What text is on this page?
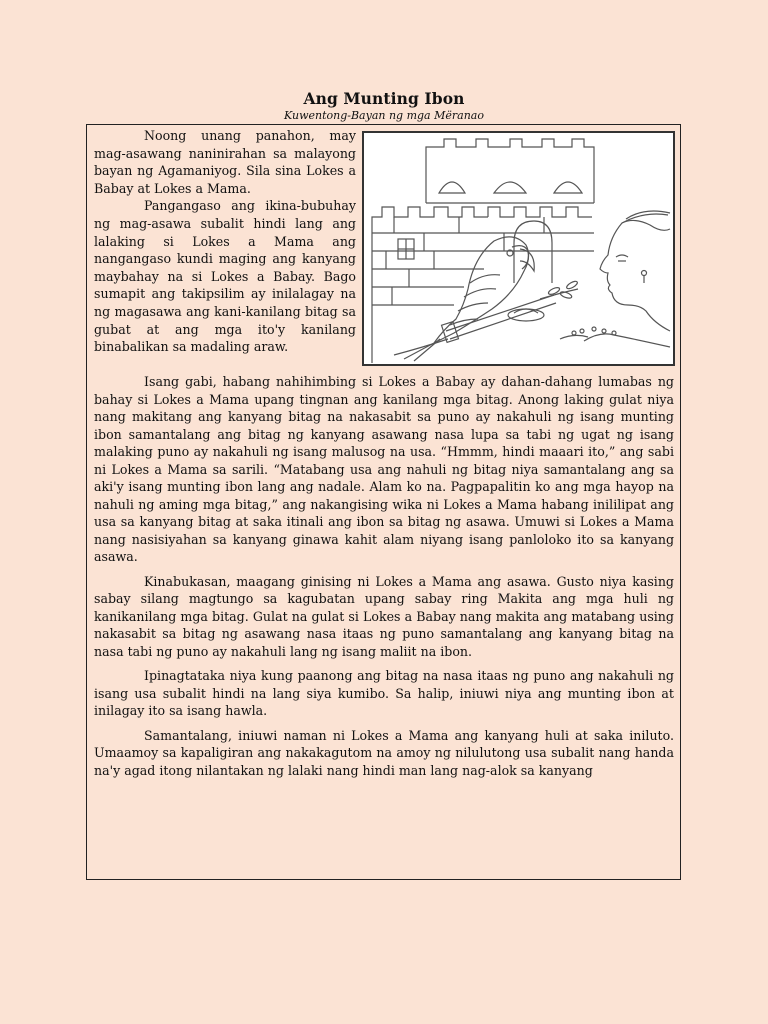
Ang Munting Ibon
Kuwentong-Bayan ng mga Mëranao

Noong unang panahon, may mag-asawang naninirahan sa malayong bayan ng Agamaniyog. Sila sina Lokes a Babay at Lokes a Mama.

Pangangaso ang ikina-bubuhay ng mag-asawa subalit hindi lang ang lalaking si Lokes a Mama ang nangangaso kundi maging ang kanyang maybahay na si Lokes a Babay. Bago sumapit ang takipsilim ay inilalagay na ng magasawa ang kani-kanilang bitag sa gubat at ang mga ito'y kanilang binabalikan sa madaling araw.

Isang gabi, habang nahihimbing si Lokes a Babay ay dahan-dahang lumabas ng bahay si Lokes a Mama upang tingnan ang kanilang mga bitag. Anong laking gulat niya nang makitang ang kanyang bitag na nakasabit sa puno ay nakahuli ng isang munting ibon samantalang ang bitag ng kanyang asawang nasa lupa sa tabi ng ugat ng isang malaking puno ay nakahuli ng isang malusog na usa. “Hmmm, hindi maaari ito,” ang sabi ni Lokes a Mama sa sarili. “Matabang usa ang nahuli ng bitag niya samantalang ang sa aki'y isang munting ibon lang ang nadale. Alam ko na. Pagpapalitin ko ang mga hayop na nahuli ng aming mga bitag,” ang nakangising wika ni Lokes a Mama habang inililipat ang usa sa kanyang bitag at saka itinali ang ibon sa bitag ng asawa. Umuwi si Lokes a Mama nang nasisiyahan sa kanyang ginawa kahit alam niyang isang panloloko ito sa kanyang asawa.

Kinabukasan, maagang ginising ni Lokes a Mama ang asawa. Gusto niya kasing sabay silang magtungo sa kagubatan upang sabay ring Makita ang mga huli ng kanikanilang mga bitag. Gulat na gulat si Lokes a Babay nang makita ang matabang using nakasabit sa bitag ng asawang nasa itaas ng puno samantalang ang kanyang bitag na nasa tabi ng puno ay nakahuli lang ng isang maliit na ibon.

Ipinagtataka niya kung paanong ang bitag na nasa itaas ng puno ang nakahuli ng isang usa subalit hindi na lang siya kumibo. Sa halip, iniuwi niya ang munting ibon at inilagay ito sa isang hawla.

Samantalang, iniuwi naman ni Lokes a Mama ang kanyang huli at saka iniluto. Umaamoy sa kapaligiran ang nakakagutom na amoy ng nilulutong usa subalit nang handa na'y agad itong nilantakan ng lalaki nang hindi man lang nag-alok sa kanyang
